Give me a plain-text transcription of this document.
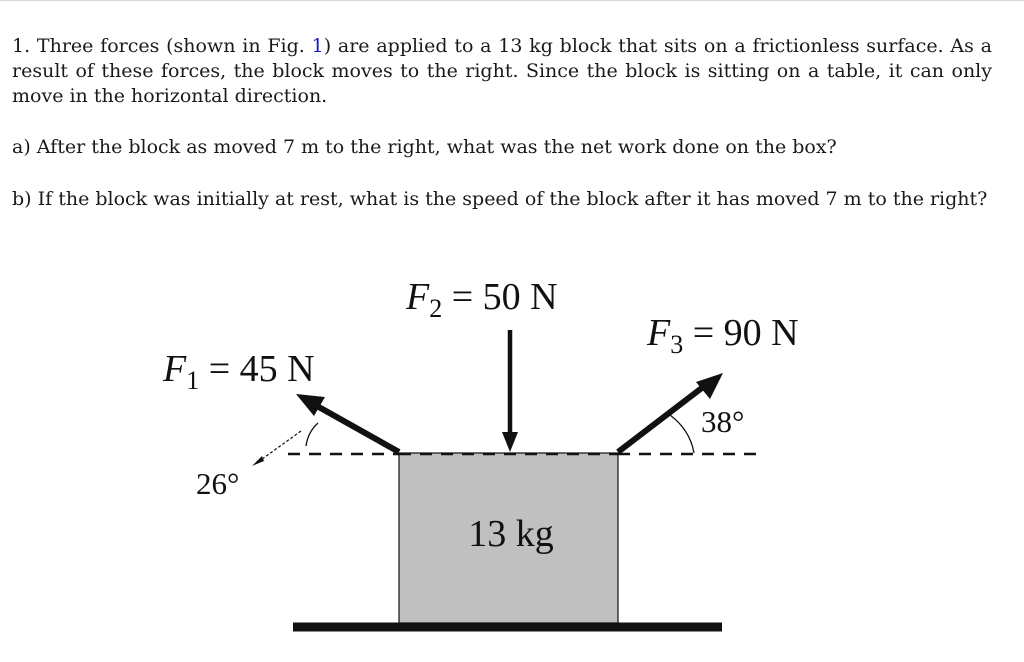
1. Three forces (shown in Fig. 1) are applied to a 13 kg block that sits on a frictionless surface. As a result of these forces, the block moves to the right. Since the block is sitting on a table, it can only move in the horizontal direction.

a) After the block as moved 7 m to the right, what was the net work done on the box?
b) If the block was initially at rest, what is the speed of the block after it has moved 7 m to the right?
13 kg
$F_1 = 45$ N
$F_2 = 50$ N
$F_3 = 90$ N
26°
38°
